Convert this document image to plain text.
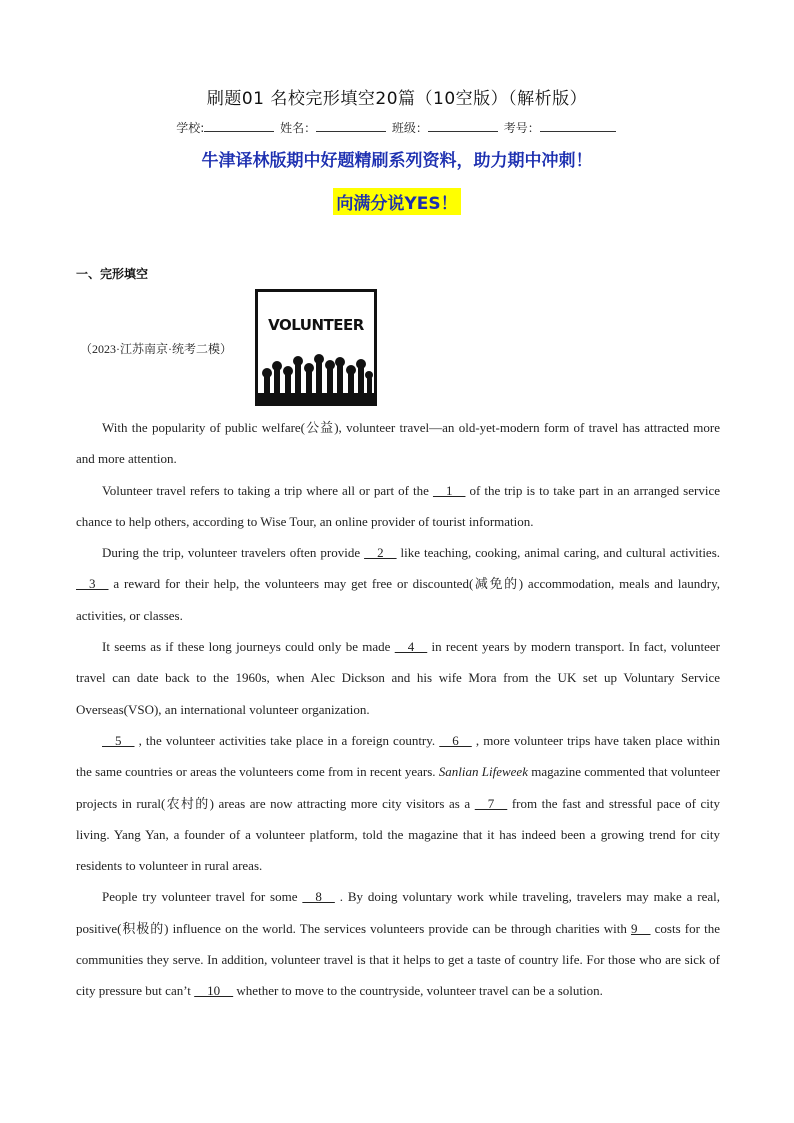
刷题01 名校完形填空20篇（10空版）（解析版）
学校:	姓名：	班级：	考号：
牛津译林版期中好题精刷系列资料，助力期中冲刺！
向满分说YES！
一、完形填空
（2023·江苏南京·统考二模）
VOLUNTEER

With the popularity of public welfare(公益), volunteer travel—an old-yet-modern form of travel has attracted more and more attention.

Volunteer travel refers to taking a trip where all or part of the     1     of the trip is to take part in an arranged service chance to help others, according to Wise Tour, an online provider of tourist information.

During the trip, volunteer travelers often provide     2     like teaching, cooking, animal caring, and cultural activities.     3     a reward for their help, the volunteers may get free or discounted(减免的) accommodation, meals and laundry, activities, or classes.

It seems as if these long journeys could only be made     4     in recent years by modern transport. In fact, volunteer travel can date back to the 1960s, when Alec Dickson and his wife Mora from the UK set up Voluntary Service Overseas(VSO), an international volunteer organization.

5     , the volunteer activities take place in a foreign country.     6     , more volunteer trips have taken place within the same countries or areas the volunteers come from in recent years. Sanlian Lifeweek magazine commented that volunteer projects in rural(农村的) areas are now attracting more city visitors as a     7     from the fast and stressful pace of city living. Yang Yan, a founder of a volunteer platform, told the magazine that it has indeed been a growing trend for city residents to volunteer in rural areas.

People try volunteer travel for some     8     . By doing voluntary work while traveling, travelers may make a real, positive(积极的) influence on the world. The services volunteers provide can be through charities with 9     costs for the communities they serve. In addition, volunteer travel is that it helps to get a taste of country life. For those who are sick of city pressure but can’t     10     whether to move to the countryside, volunteer travel can be a solution.
